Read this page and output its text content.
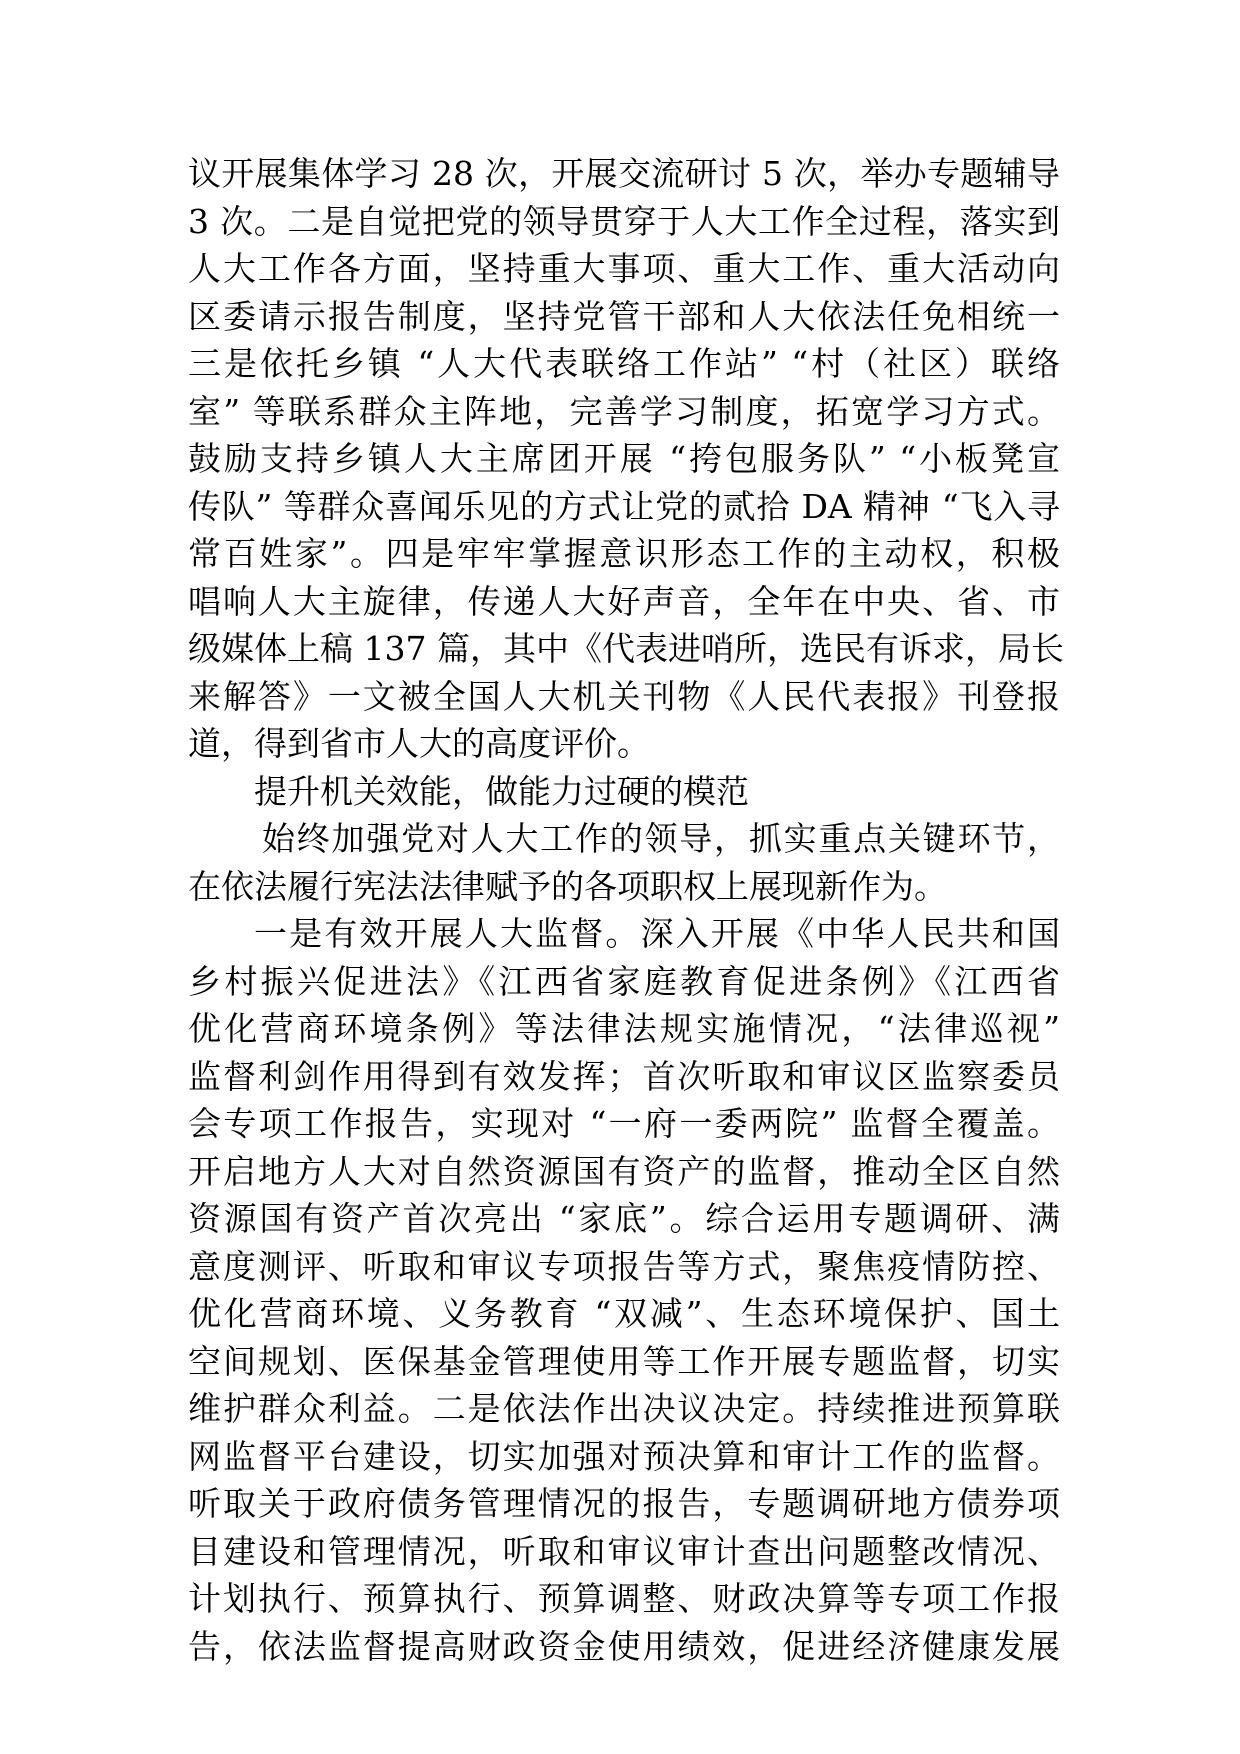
议开展集体学习 28 次，开展交流研讨 5 次，举办专题辅导
3 次。二是自觉把党的领导贯穿于人大工作全过程，落实到
人大工作各方面，坚持重大事项、重大工作、重大活动向
区委请示报告制度，坚持党管干部和人大依法任免相统一
三是依托乡镇 “人大代表联络工作站” “村（社区）联络
室” 等联系群众主阵地，完善学习制度，拓宽学习方式。
鼓励支持乡镇人大主席团开展 “挎包服务队” “小板凳宣
传队” 等群众喜闻乐见的方式让党的贰拾 DA 精神 “飞入寻
常百姓家”。四是牢牢掌握意识形态工作的主动权，积极
唱响人大主旋律，传递人大好声音，全年在中央、省、市
级媒体上稿 137 篇，其中《代表进哨所，选民有诉求，局长
来解答》一文被全国人大机关刊物《人民代表报》刊登报
道，得到省市人大的高度评价。
提升机关效能，做能力过硬的模范
始终加强党对人大工作的领导，抓实重点关键环节，
在依法履行宪法法律赋予的各项职权上展现新作为。
一是有效开展人大监督。深入开展《中华人民共和国
乡村振兴促进法》《江西省家庭教育促进条例》《江西省
优化营商环境条例》等法律法规实施情况，“法律巡视”
监督利剑作用得到有效发挥；首次听取和审议区监察委员
会专项工作报告，实现对 “一府一委两院” 监督全覆盖。
开启地方人大对自然资源国有资产的监督，推动全区自然
资源国有资产首次亮出 “家底”。综合运用专题调研、满
意度测评、听取和审议专项报告等方式，聚焦疫情防控、
优化营商环境、义务教育 “双减”、生态环境保护、国土
空间规划、医保基金管理使用等工作开展专题监督，切实
维护群众利益。二是依法作出决议决定。持续推进预算联
网监督平台建设，切实加强对预决算和审计工作的监督。
听取关于政府债务管理情况的报告，专题调研地方债券项
目建设和管理情况，听取和审议审计查出问题整改情况、
计划执行、预算执行、预算调整、财政决算等专项工作报
告，依法监督提高财政资金使用绩效，促进经济健康发展
